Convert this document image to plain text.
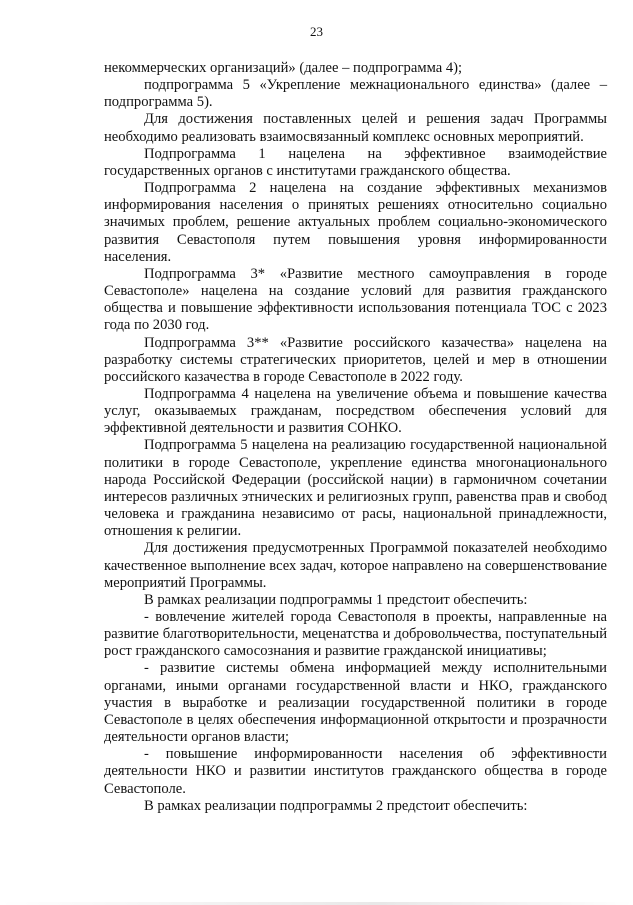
23

некоммерческих организаций» (далее – подпрограмма 4);

подпрограмма 5 «Укрепление межнационального единства» (далее – подпрограмма 5).

Для достижения поставленных целей и решения задач Программы необходимо реализовать взаимосвязанный комплекс основных мероприятий.

Подпрограмма 1 нацелена на эффективное взаимодействие государственных органов с институтами гражданского общества.

Подпрограмма 2 нацелена на создание эффективных механизмов информирования населения о принятых решениях относительно социально значимых проблем, решение актуальных проблем социально-экономического развития Севастополя путем повышения уровня информированности населения.

Подпрограмма 3* «Развитие местного самоуправления в городе Севастополе» нацелена на создание условий для развития гражданского общества и повышение эффективности использования потенциала ТОС с 2023 года по 2030 год.

Подпрограмма 3** «Развитие российского казачества» нацелена на разработку системы стратегических приоритетов, целей и мер в отношении российского казачества в городе Севастополе в 2022 году.

Подпрограмма 4 нацелена на увеличение объема и повышение качества услуг, оказываемых гражданам, посредством обеспечения условий для эффективной деятельности и развития СОНКО.

Подпрограмма 5 нацелена на реализацию государственной национальной политики в городе Севастополе, укрепление единства многонационального народа Российской Федерации (российской нации) в гармоничном сочетании интересов различных этнических и религиозных групп, равенства прав и свобод человека и гражданина независимо от расы, национальной принадлежности, отношения к религии.

Для достижения предусмотренных Программой показателей необходимо качественное выполнение всех задач, которое направлено на совершенствование мероприятий Программы.

В рамках реализации подпрограммы 1 предстоит обеспечить:

- вовлечение жителей города Севастополя в проекты, направленные на развитие благотворительности, меценатства и добровольчества, поступательный рост гражданского самосознания и развитие гражданской инициативы;

- развитие системы обмена информацией между исполнительными органами, иными органами государственной власти и НКО, гражданского участия в выработке и реализации государственной политики в городе Севастополе в целях обеспечения информационной открытости и прозрачности деятельности органов власти;

- повышение информированности населения об эффективности деятельности НКО и развитии институтов гражданского общества в городе Севастополе.

В рамках реализации подпрограммы 2 предстоит обеспечить:
